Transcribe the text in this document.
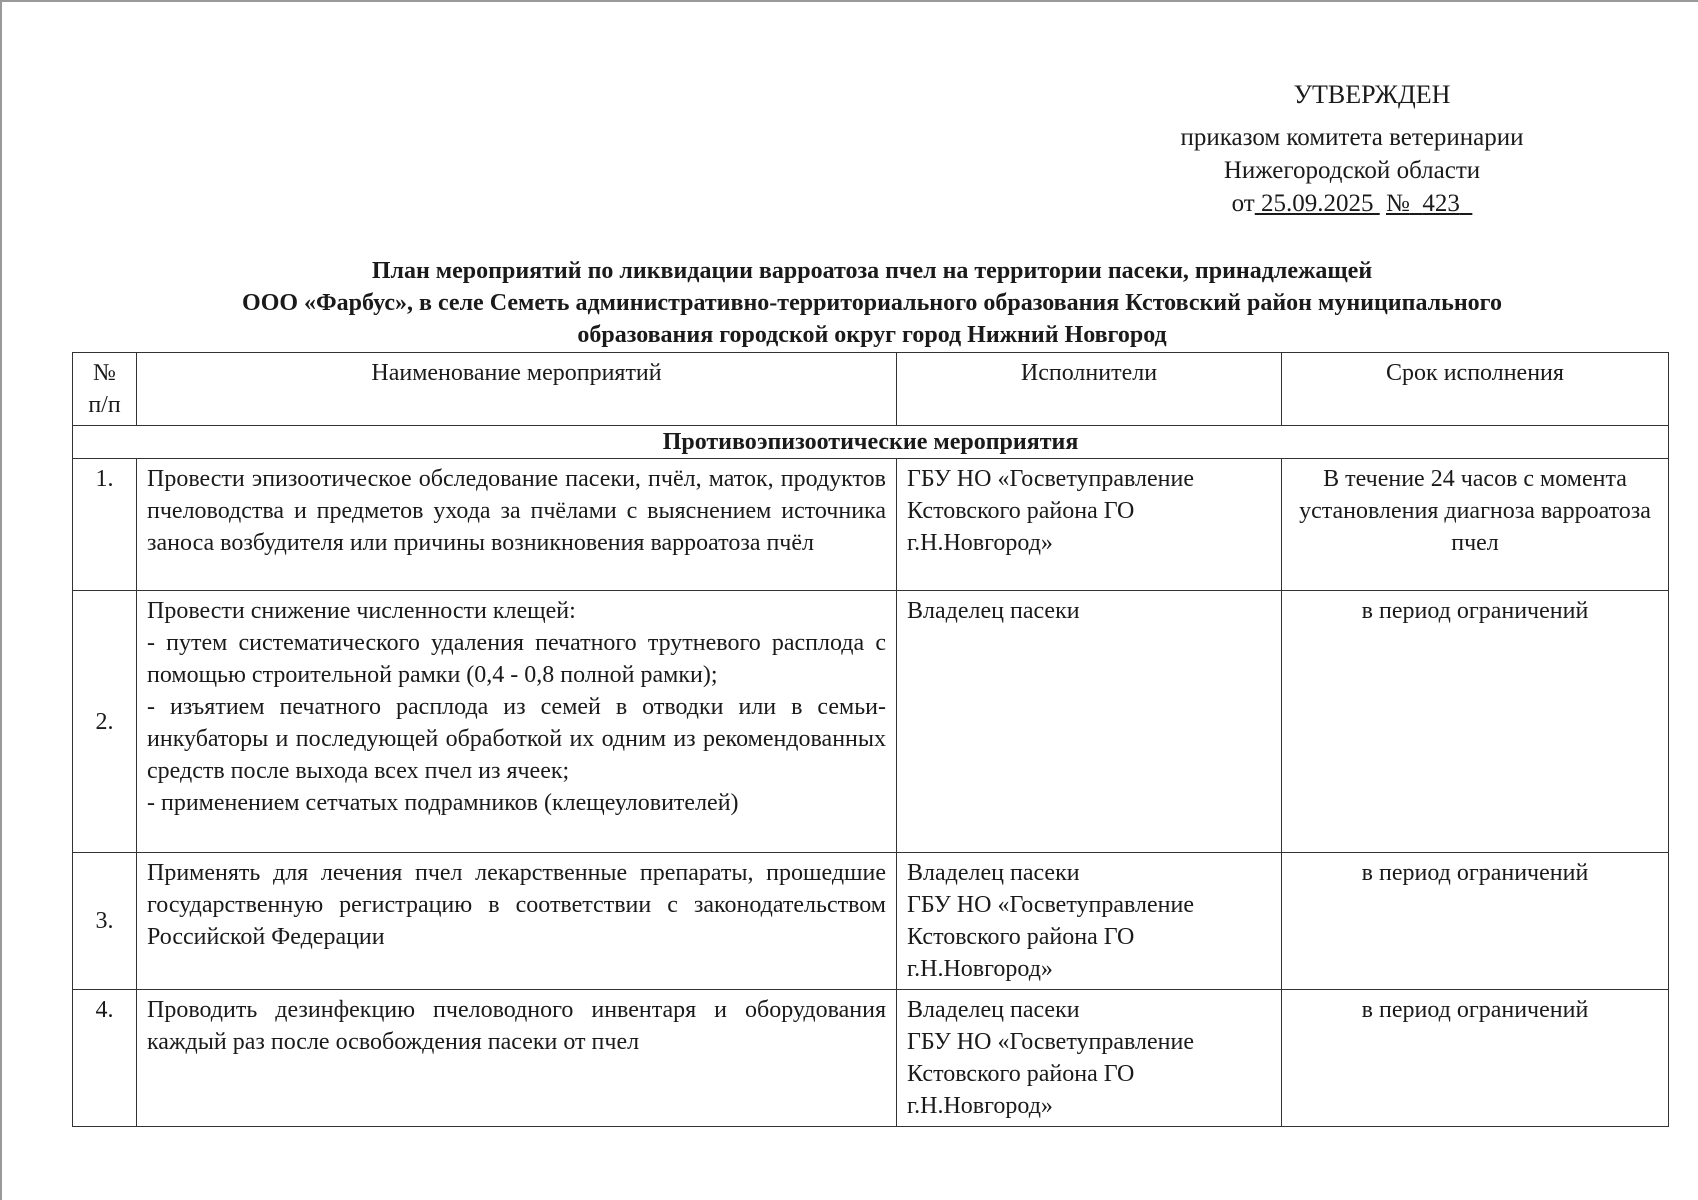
УТВЕРЖДЕН
приказом комитета ветеринарии
Нижегородской области
от 25.09.2025 № 423
План мероприятий по ликвидации варроатоза пчел на территории пасеки, принадлежащей
ООО «Фарбус», в селе Семеть административно-территориального образования Кстовский район муниципального
образования городской округ город Нижний Новгород
№
п/п	Наименование мероприятий	Исполнители	Срок исполнения
Противоэпизоотические мероприятия			
1.	Провести эпизоотическое обследование пасеки, пчёл, маток, продуктов пчеловодства и предметов ухода за пчёлами с выяснением источника заноса возбудителя или причины возникновения варроатоза пчёл	ГБУ НО «Госветуправление Кстовского района ГО г.Н.Новгород»	В течение 24 часов с момента установления диагноза варроатоза пчел
2.	Провести снижение численности клещей:
- путем систематического удаления печатного трутневого расплода с помощью строительной рамки (0,4 - 0,8 полной рамки);
- изъятием печатного расплода из семей в отводки или в семьи-инкубаторы и последующей обработкой их одним из рекомендованных средств после выхода всех пчел из ячеек;
- применением сетчатых подрамников (клещеуловителей)	Владелец пасеки	в период ограничений
3.	Применять для лечения пчел лекарственные препараты, прошедшие государственную регистрацию в соответствии с законодательством Российской Федерации	Владелец пасеки
ГБУ НО «Госветуправление Кстовского района ГО г.Н.Новгород»	в период ограничений
4.	Проводить дезинфекцию пчеловодного инвентаря и оборудования каждый раз после освобождения пасеки от пчел	Владелец пасеки
ГБУ НО «Госветуправление Кстовского района ГО г.Н.Новгород»	в период ограничений
